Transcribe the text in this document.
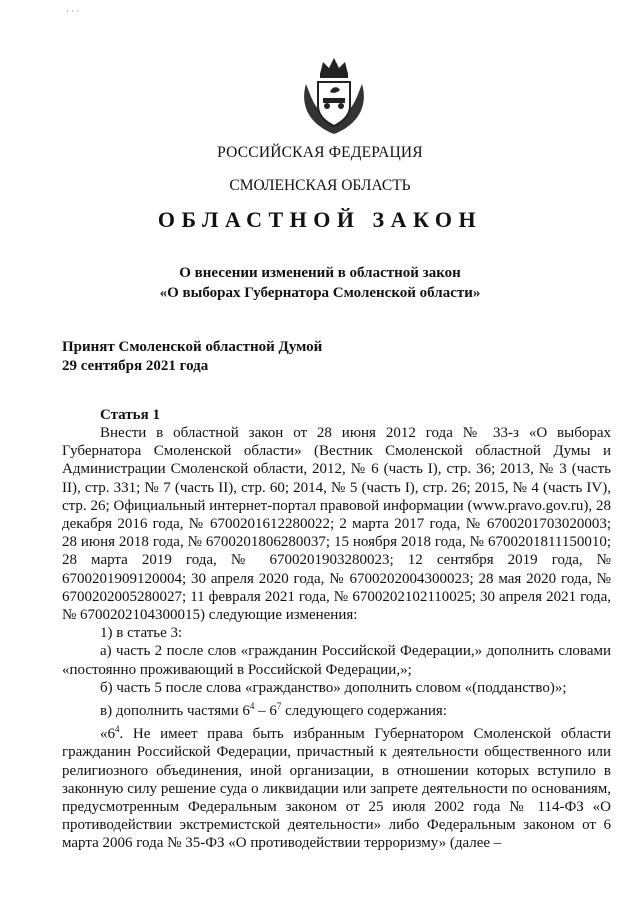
· · ·
РОССИЙСКАЯ ФЕДЕРАЦИЯ
СМОЛЕНСКАЯ ОБЛАСТЬ
ОБЛАСТНОЙ ЗАКОН
О внесении изменений в областной закон
«О выборах Губернатора Смоленской области»
Принят Смоленской областной Думой
29 сентября 2021 года
Статья 1

Внести в областной закон от 28 июня 2012 года № 33-з «О выборах Губернатора Смоленской области» (Вестник Смоленской областной Думы и Администрации Смоленской области, 2012, № 6 (часть I), стр. 36; 2013, № 3 (часть II), стр. 331; № 7 (часть II), стр. 60; 2014, № 5 (часть I), стр. 26; 2015, № 4 (часть IV), стр. 26; Официальный интернет-портал правовой информации (www.pravo.gov.ru), 28 декабря 2016 года, № 6700201612280022; 2 марта 2017 года, № 6700201703020003; 28 июня 2018 года, № 6700201806280037; 15 ноября 2018 года, № 6700201811150010; 28 марта 2019 года, № 6700201903280023; 12 сентября 2019 года, № 6700201909120004; 30 апреля 2020 года, № 6700202004300023; 28 мая 2020 года, № 6700202005280027; 11 февраля 2021 года, № 6700202102110025; 30 апреля 2021 года, № 6700202104300015) следующие изменения:

1) в статье 3:

а) часть 2 после слов «гражданин Российской Федерации,» дополнить словами «постоянно проживающий в Российской Федерации,»;

б) часть 5 после слова «гражданство» дополнить словом «(подданство)»;

в) дополнить частями $6^4 - 6^7$ следующего содержания:

«$6^4$. Не имеет права быть избранным Губернатором Смоленской области гражданин Российской Федерации, причастный к деятельности общественного или религиозного объединения, иной организации, в отношении которых вступило в законную силу решение суда о ликвидации или запрете деятельности по основаниям, предусмотренным Федеральным законом от 25 июля 2002 года № 114-ФЗ «О противодействии экстремистской деятельности» либо Федеральным законом от 6 марта 2006 года № 35-ФЗ «О противодействии терроризму» (далее –
